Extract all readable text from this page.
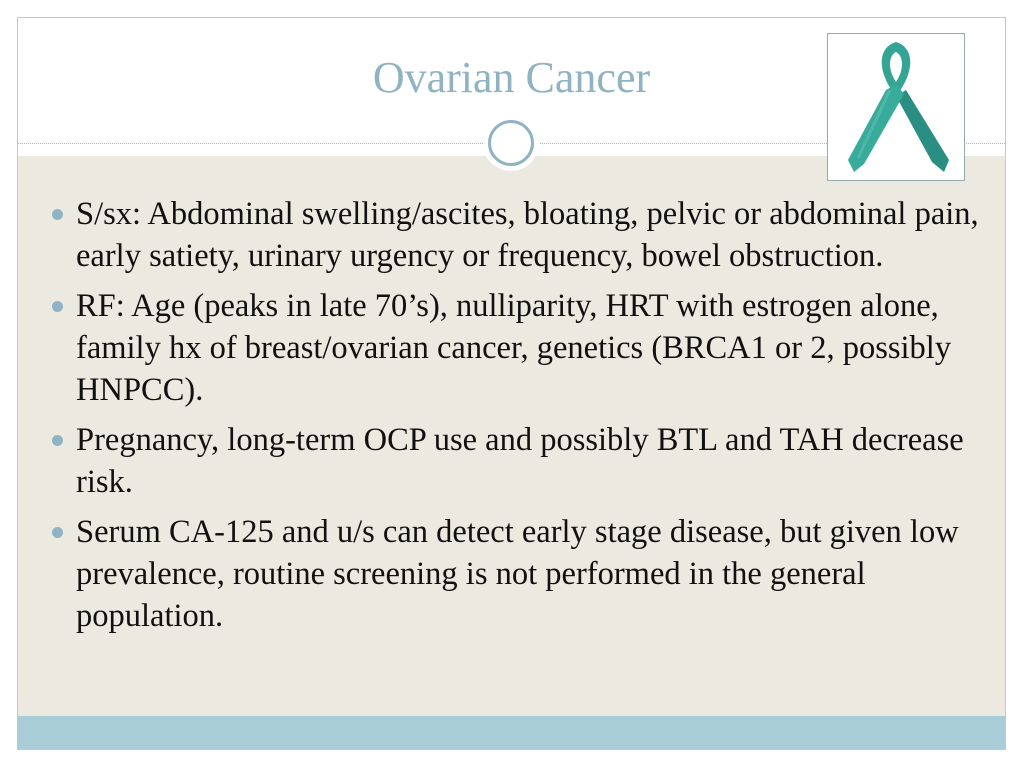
Ovarian Cancer
S/sx: Abdominal swelling/ascites, bloating, pelvic or abdominal pain, early satiety, urinary urgency or frequency, bowel obstruction.
RF: Age (peaks in late 70’s), nulliparity, HRT with estrogen alone, family hx of breast/ovarian cancer, genetics (BRCA1 or 2, possibly HNPCC).
Pregnancy, long-term OCP use and possibly BTL and TAH decrease risk.
Serum CA-125 and u/s can detect early stage disease, but given low prevalence, routine screening is not performed in the general population.
